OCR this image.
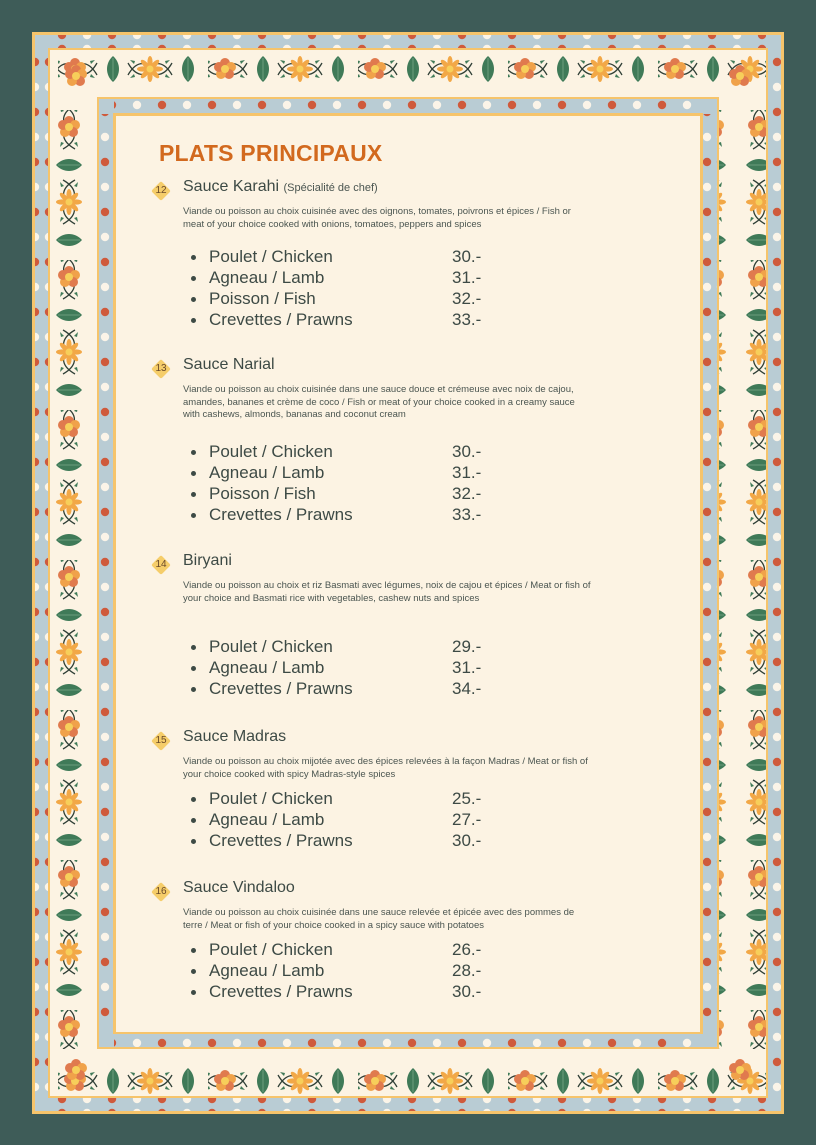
PLATS PRINCIPAUX
12	Sauce Karahi (Spécialité de chef)
Viande ou poisson au choix cuisinée avec des oignons, tomates, poivrons et épices / Fish or meat of your choice cooked with onions, tomatoes, peppers and spices
Poulet / Chicken	30.-
Agneau / Lamb	31.-
Poisson / Fish	32.-
Crevettes / Prawns	33.-
13	Sauce Narial
Viande ou poisson au choix cuisinée dans une sauce douce et crémeuse avec noix de cajou, amandes, bananes et crème de coco / Fish or meat of your choice cooked in a creamy sauce with cashews, almonds, bananas and coconut cream
Poulet / Chicken	30.-
Agneau / Lamb	31.-
Poisson / Fish	32.-
Crevettes / Prawns	33.-
14	Biryani
Viande ou poisson au choix et riz Basmati avec légumes, noix de cajou et épices / Meat or fish of your choice and Basmati rice with vegetables, cashew nuts and spices
Poulet / Chicken	29.-
Agneau / Lamb	31.-
Crevettes / Prawns	34.-
15	Sauce Madras
Viande ou poisson au choix mijotée avec des épices relevées à la façon Madras / Meat or fish of your choice cooked with spicy Madras-style spices
Poulet / Chicken	25.-
Agneau / Lamb	27.-
Crevettes / Prawns	30.-
16	Sauce Vindaloo
Viande ou poisson au choix cuisinée dans une sauce relevée et épicée avec des pommes de terre / Meat or fish of your choice cooked in a spicy sauce with potatoes
Poulet / Chicken	26.-
Agneau / Lamb	28.-
Crevettes / Prawns	30.-
